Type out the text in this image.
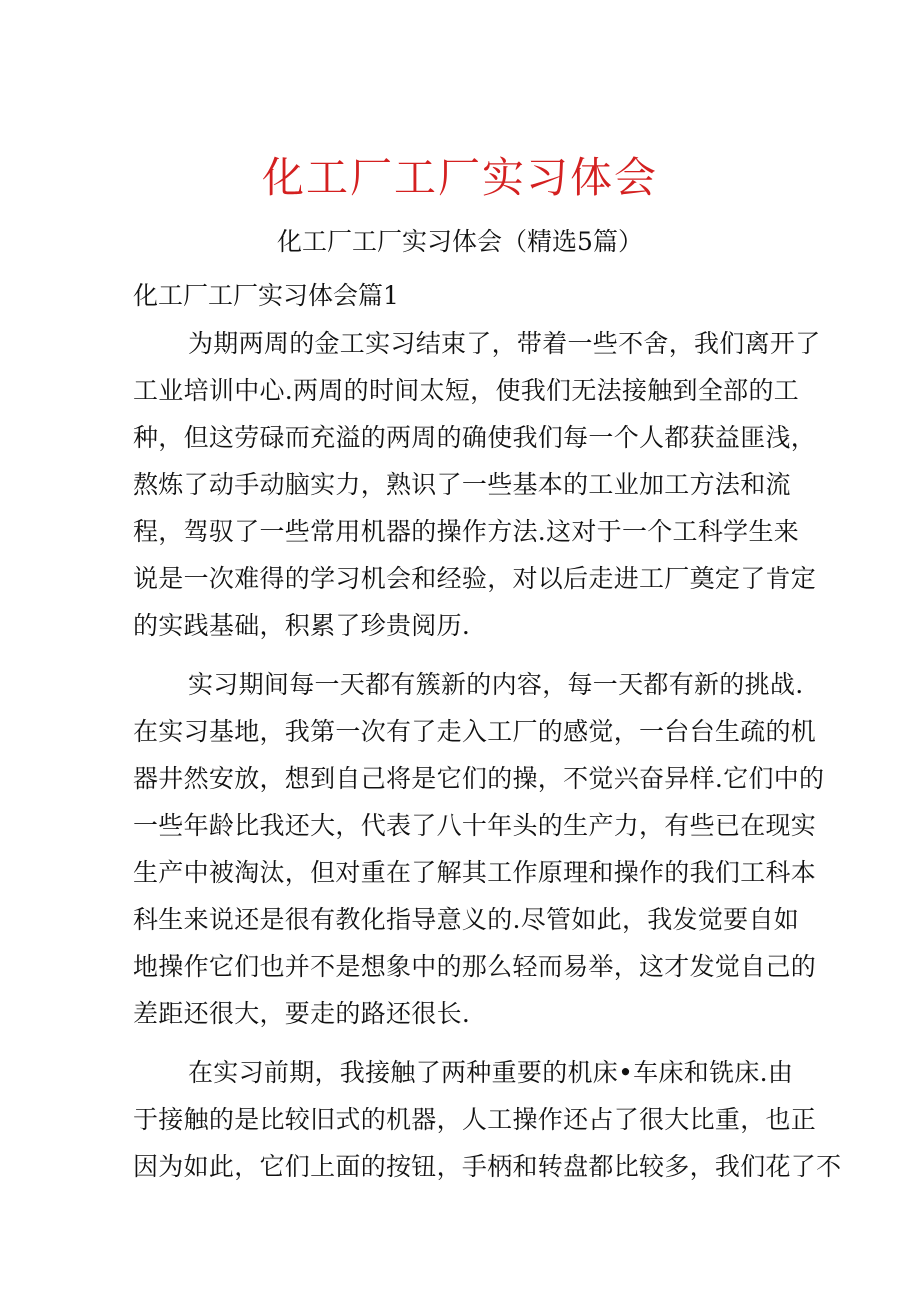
化工厂工厂实习体会
化工厂工厂实习体会（精选5篇）
化工厂工厂实习体会篇1
为期两周的金工实习结束了，带着一些不舍，我们离开了
工业培训中心.两周的时间太短，使我们无法接触到全部的工
种，但这劳碌而充溢的两周的确使我们每一个人都获益匪浅，
熬炼了动手动脑实力，熟识了一些基本的工业加工方法和流
程，驾驭了一些常用机器的操作方法.这对于一个工科学生来
说是一次难得的学习机会和经验，对以后走进工厂奠定了肯定
的实践基础，积累了珍贵阅历.
实习期间每一天都有簇新的内容，每一天都有新的挑战.
在实习基地，我第一次有了走入工厂的感觉，一台台生疏的机
器井然安放，想到自己将是它们的操，不觉兴奋异样.它们中的
一些年龄比我还大，代表了八十年头的生产力，有些已在现实
生产中被淘汰，但对重在了解其工作原理和操作的我们工科本
科生来说还是很有教化指导意义的.尽管如此，我发觉要自如
地操作它们也并不是想象中的那么轻而易举，这才发觉自己的
差距还很大，要走的路还很长.
在实习前期，我接触了两种重要的机床•车床和铣床.由
于接触的是比较旧式的机器，人工操作还占了很大比重，也正
因为如此，它们上面的按钮，手柄和转盘都比较多，我们花了不
